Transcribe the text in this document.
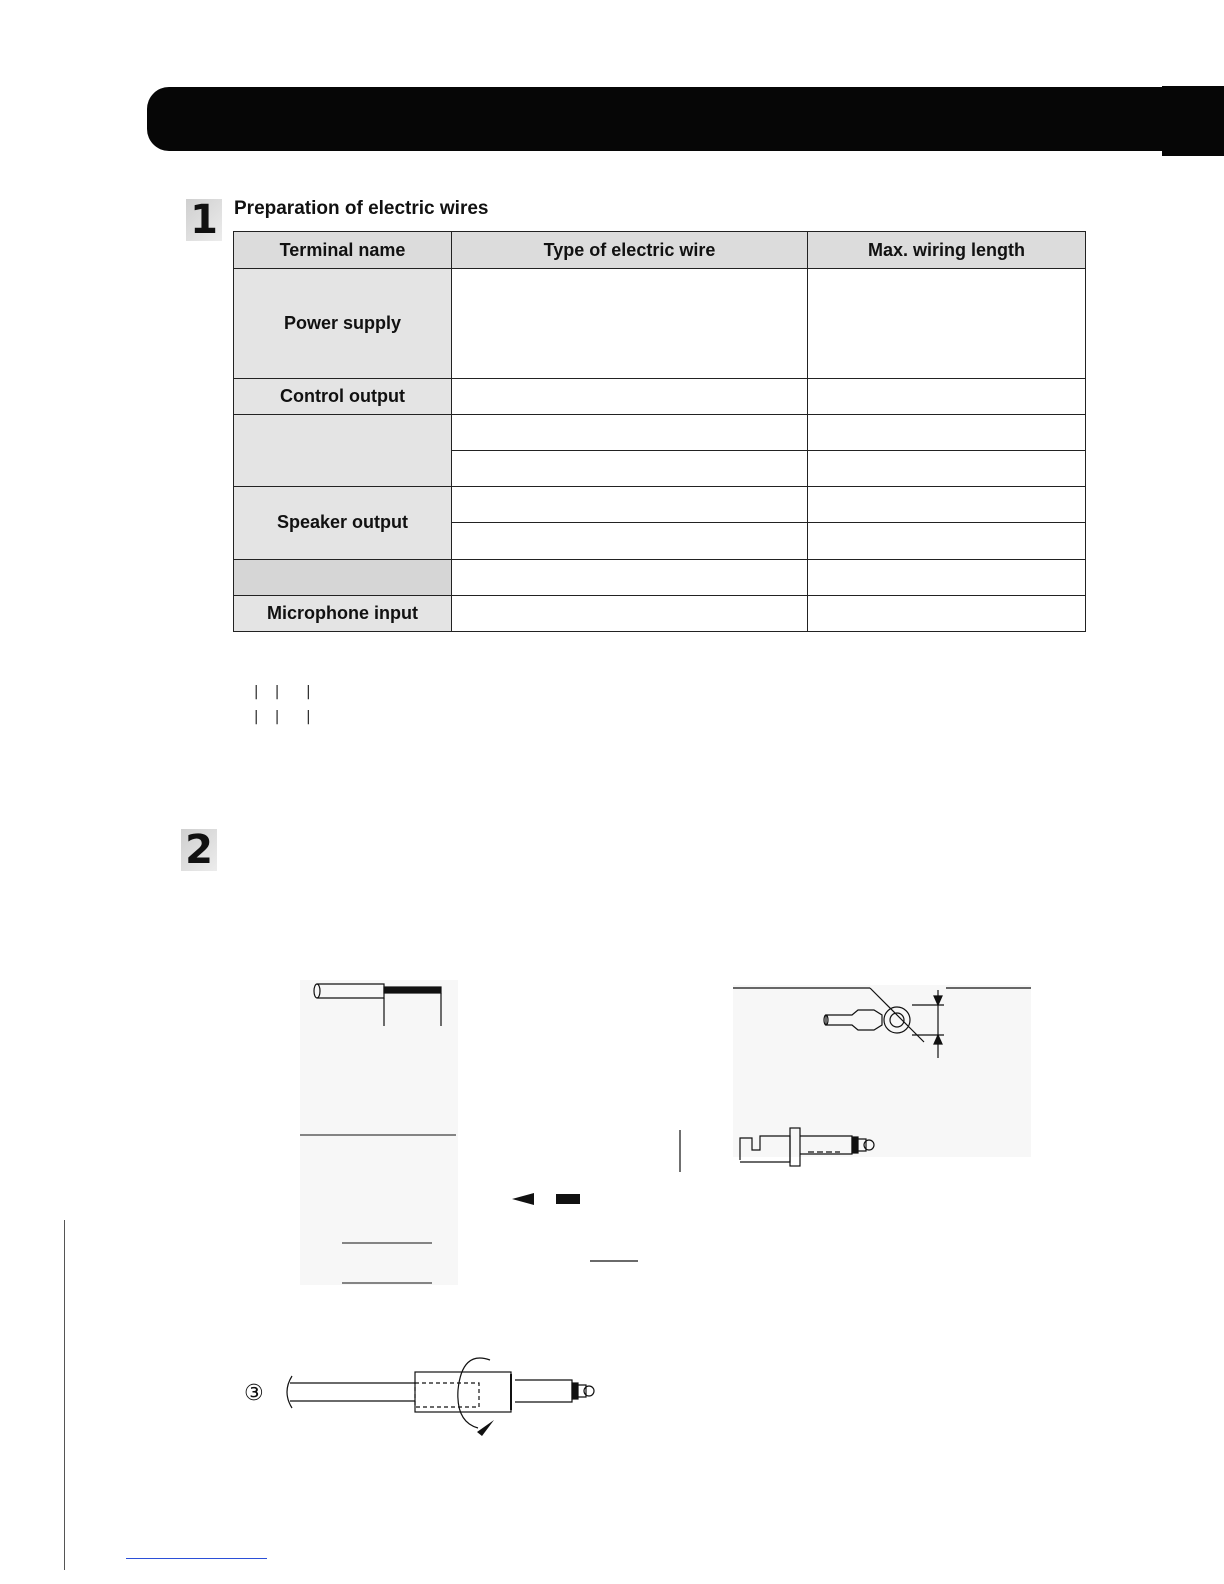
1 Preparation of electric wires
Terminal name	Type of electric wire	Max. wiring length
Power supply		
Control output		

Speaker output		

Microphone input		
| |  |
| |  |
2
③
